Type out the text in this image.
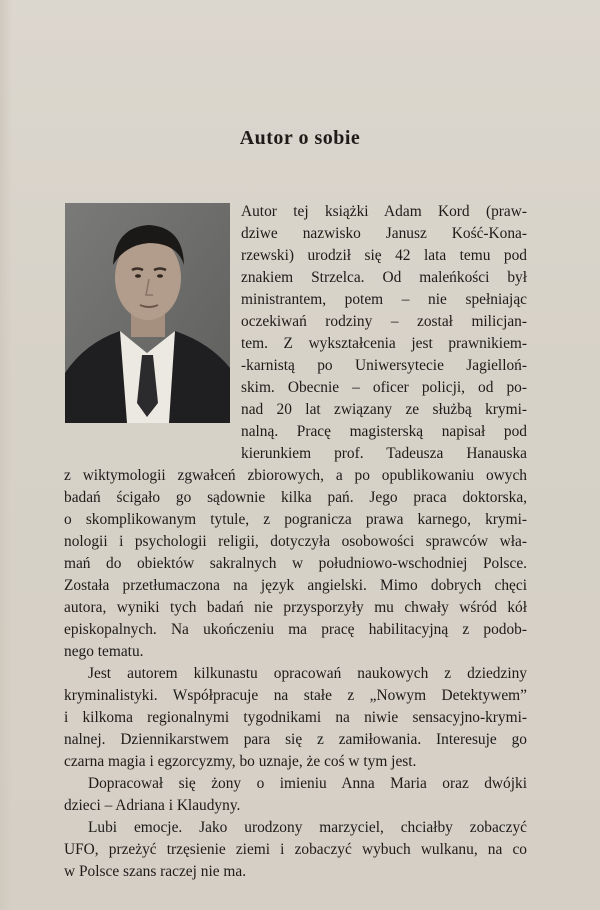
Autor o sobie
Autor tej książki Adam Kord (praw-
dziwe nazwisko Janusz Kość-Kona-
rzewski) urodził się 42 lata temu pod
znakiem Strzelca. Od maleńkości był
ministrantem, potem – nie spełniając
oczekiwań rodziny – został milicjan-
tem. Z wykształcenia jest prawnikiem-
-karnistą po Uniwersytecie Jagielloń-
skim. Obecnie – oficer policji, od po-
nad 20 lat związany ze służbą krymi-
nalną. Pracę magisterską napisał pod
kierunkiem prof. Tadeusza Hanauska
z wiktymologii zgwałceń zbiorowych, a po opublikowaniu owych
badań ścigało go sądownie kilka pań. Jego praca doktorska,
o skomplikowanym tytule, z pogranicza prawa karnego, krymi-
nologii i psychologii religii, dotyczyła osobowości sprawców wła-
mań do obiektów sakralnych w południowo-wschodniej Polsce.
Została przetłumaczona na język angielski. Mimo dobrych chęci
autora, wyniki tych badań nie przysporzyły mu chwały wśród kół
episkopalnych. Na ukończeniu ma pracę habilitacyjną z podob-
nego tematu.
Jest autorem kilkunastu opracowań naukowych z dziedziny
kryminalistyki. Współpracuje na stałe z „Nowym Detektywem”
i kilkoma regionalnymi tygodnikami na niwie sensacyjno-krymi-
nalnej. Dziennikarstwem para się z zamiłowania. Interesuje go
czarna magia i egzorcyzmy, bo uznaje, że coś w tym jest.
Dopracował się żony o imieniu Anna Maria oraz dwójki
dzieci – Adriana i Klaudyny.
Lubi emocje. Jako urodzony marzyciel, chciałby zobaczyć
UFO, przeżyć trzęsienie ziemi i zobaczyć wybuch wulkanu, na co
w Polsce szans raczej nie ma.
